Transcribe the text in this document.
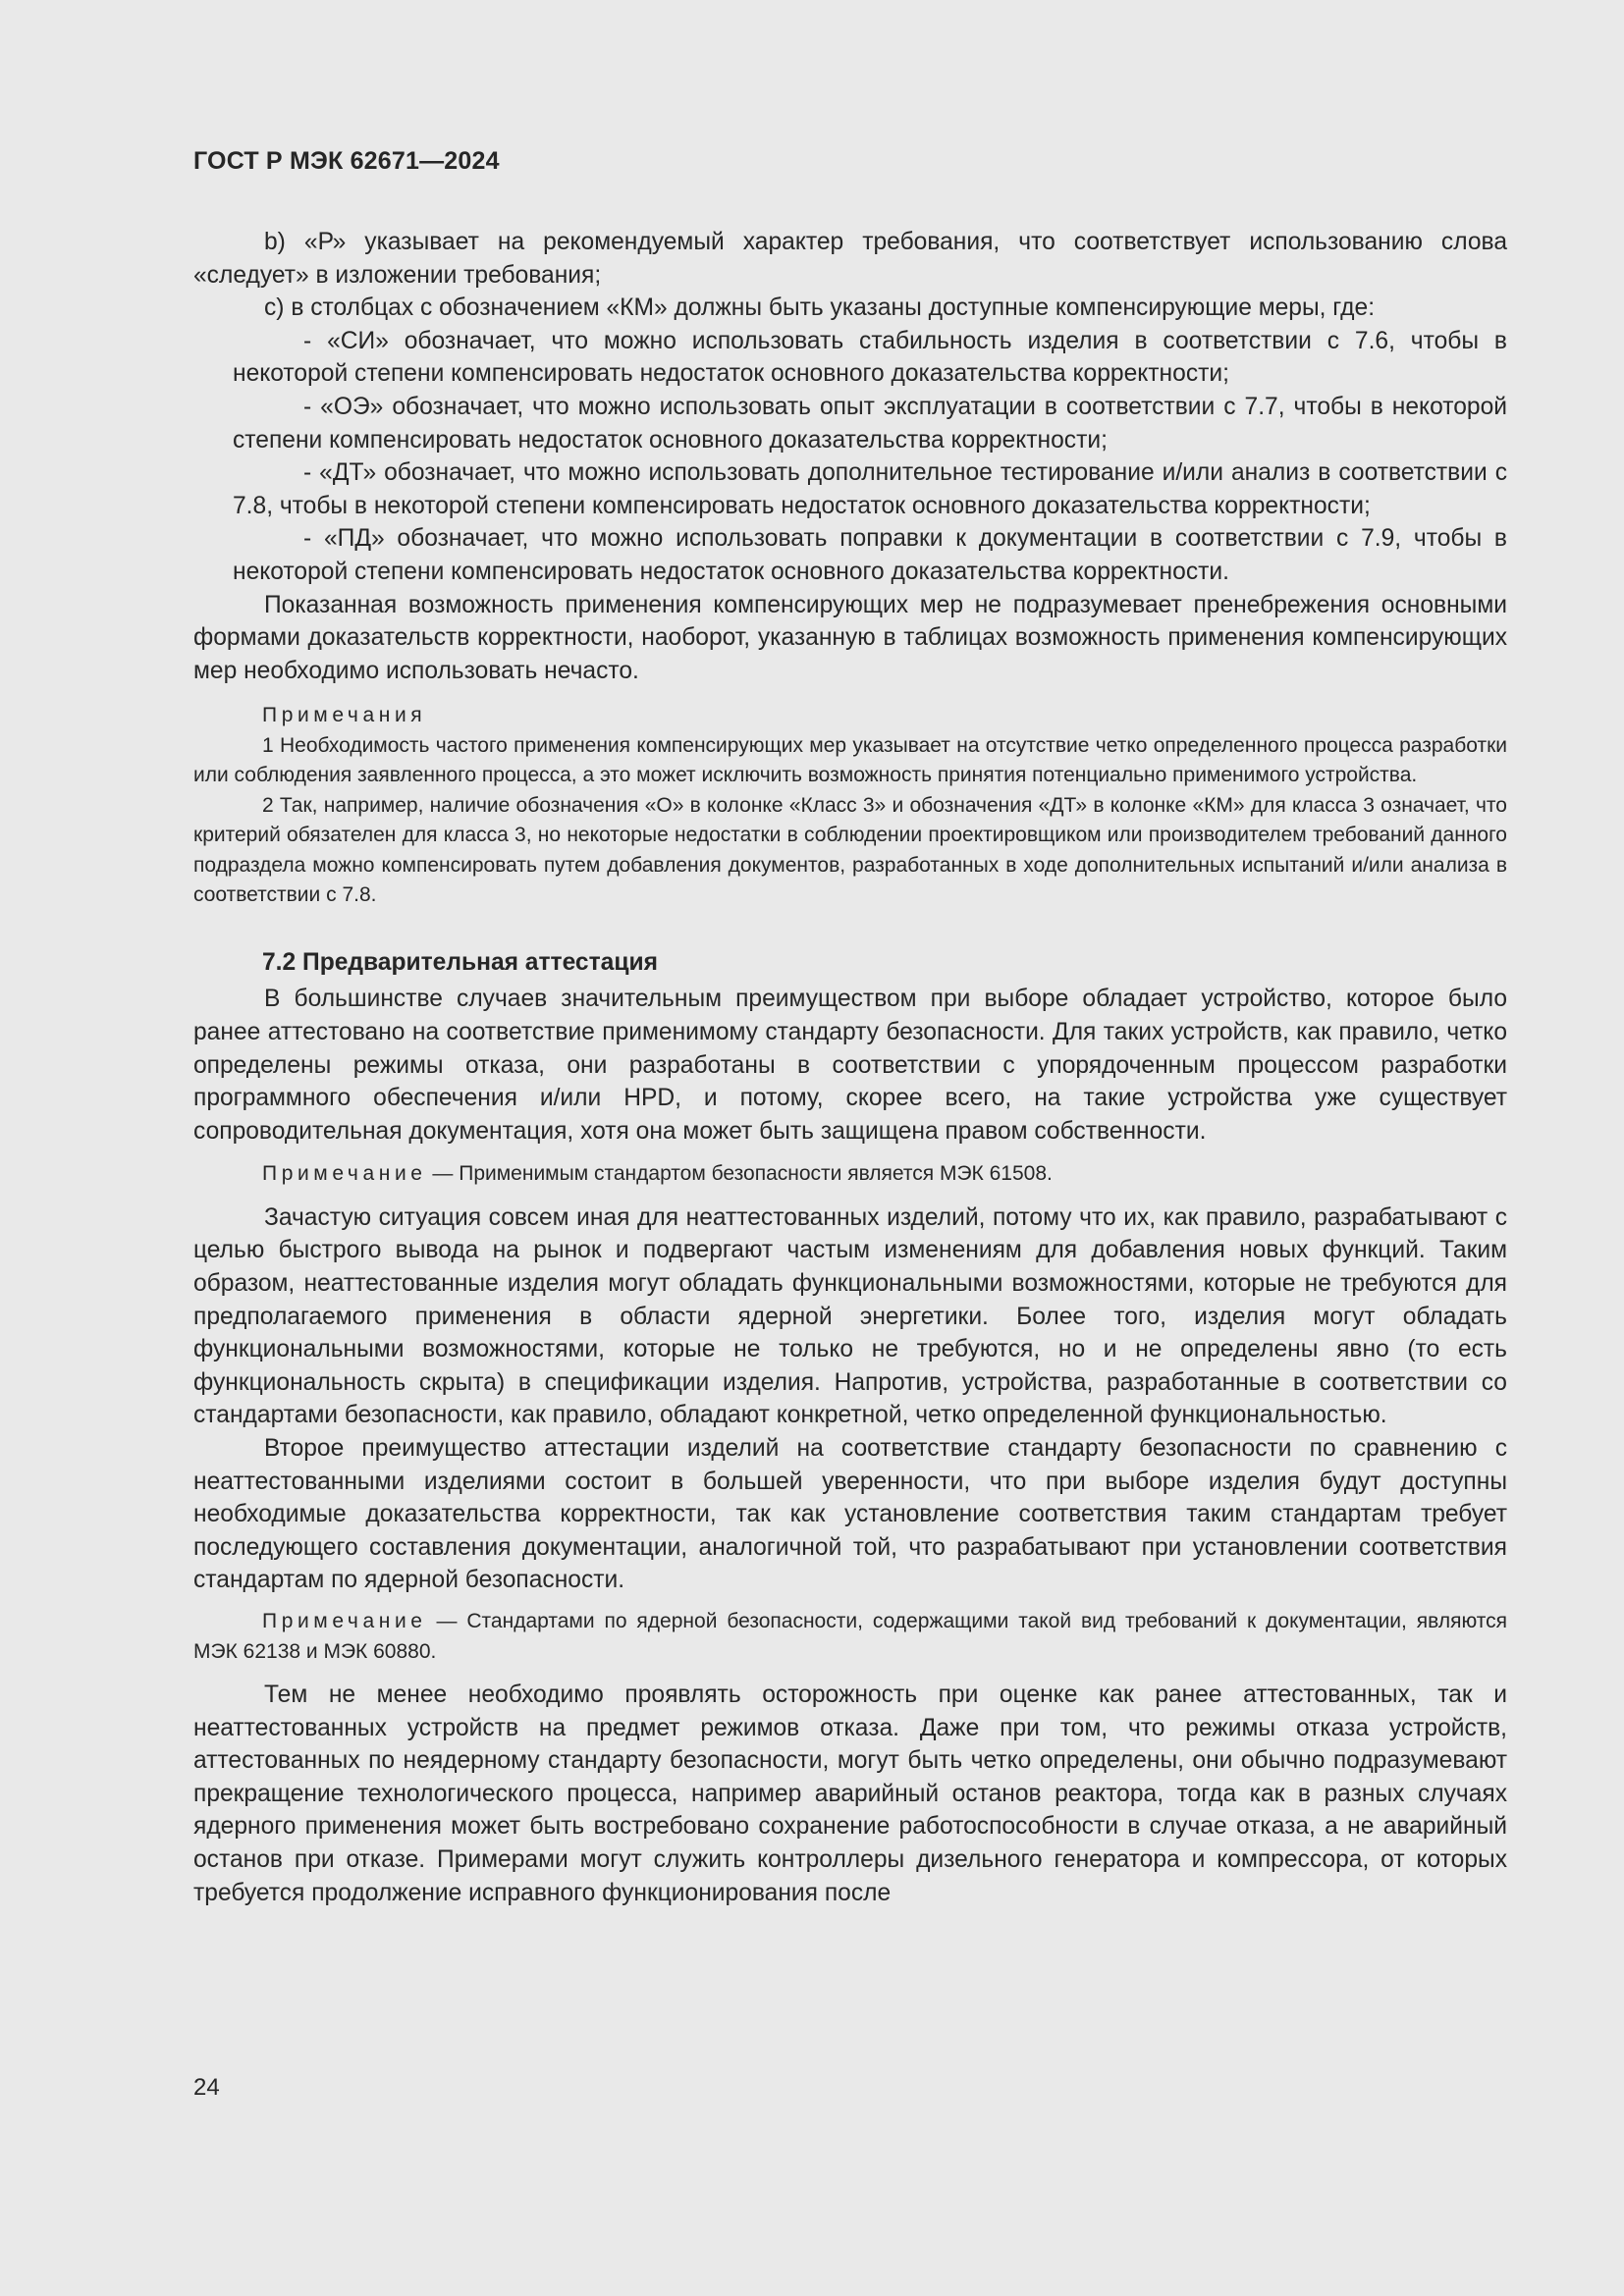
ГОСТ Р МЭК 62671—2024

b) «Р» указывает на рекомендуемый характер требования, что соответствует использованию слова «следует» в изложении требования;

c) в столбцах с обозначением «КМ» должны быть указаны доступные компенсирующие меры, где:

- «СИ» обозначает, что можно использовать стабильность изделия в соответствии с 7.6, чтобы в некоторой степени компенсировать недостаток основного доказательства корректности;

- «ОЭ» обозначает, что можно использовать опыт эксплуатации в соответствии с 7.7, чтобы в некоторой степени компенсировать недостаток основного доказательства корректности;

- «ДТ» обозначает, что можно использовать дополнительное тестирование и/или анализ в соответствии с 7.8, чтобы в некоторой степени компенсировать недостаток основного доказательства корректности;

- «ПД» обозначает, что можно использовать поправки к документации в соответствии с 7.9, чтобы в некоторой степени компенсировать недостаток основного доказательства корректности.

Показанная возможность применения компенсирующих мер не подразумевает пренебрежения основными формами доказательств корректности, наоборот, указанную в таблицах возможность применения компенсирующих мер необходимо использовать нечасто.

Примечания

1 Необходимость частого применения компенсирующих мер указывает на отсутствие четко определенного процесса разработки или соблюдения заявленного процесса, а это может исключить возможность принятия потенциально применимого устройства.

2 Так, например, наличие обозначения «О» в колонке «Класс 3» и обозначения «ДТ» в колонке «КМ» для класса 3 означает, что критерий обязателен для класса 3, но некоторые недостатки в соблюдении проектировщиком или производителем требований данного подраздела можно компенсировать путем добавления документов, разработанных в ходе дополнительных испытаний и/или анализа в соответствии с 7.8.

7.2 Предварительная аттестация

В большинстве случаев значительным преимуществом при выборе обладает устройство, которое было ранее аттестовано на соответствие применимому стандарту безопасности. Для таких устройств, как правило, четко определены режимы отказа, они разработаны в соответствии с упорядоченным процессом разработки программного обеспечения и/или HPD, и потому, скорее всего, на такие устройства уже существует сопроводительная документация, хотя она может быть защищена правом собственности.

Примечание — Применимым стандартом безопасности является МЭК 61508.

Зачастую ситуация совсем иная для неаттестованных изделий, потому что их, как правило, разрабатывают с целью быстрого вывода на рынок и подвергают частым изменениям для добавления новых функций. Таким образом, неаттестованные изделия могут обладать функциональными возможностями, которые не требуются для предполагаемого применения в области ядерной энергетики. Более того, изделия могут обладать функциональными возможностями, которые не только не требуются, но и не определены явно (то есть функциональность скрыта) в спецификации изделия. Напротив, устройства, разработанные в соответствии со стандартами безопасности, как правило, обладают конкретной, четко определенной функциональностью.

Второе преимущество аттестации изделий на соответствие стандарту безопасности по сравнению с неаттестованными изделиями состоит в большей уверенности, что при выборе изделия будут доступны необходимые доказательства корректности, так как установление соответствия таким стандартам требует последующего составления документации, аналогичной той, что разрабатывают при установлении соответствия стандартам по ядерной безопасности.

Примечание — Стандартами по ядерной безопасности, содержащими такой вид требований к документации, являются МЭК 62138 и МЭК 60880.

Тем не менее необходимо проявлять осторожность при оценке как ранее аттестованных, так и неаттестованных устройств на предмет режимов отказа. Даже при том, что режимы отказа устройств, аттестованных по неядерному стандарту безопасности, могут быть четко определены, они обычно подразумевают прекращение технологического процесса, например аварийный останов реактора, тогда как в разных случаях ядерного применения может быть востребовано сохранение работоспособности в случае отказа, а не аварийный останов при отказе. Примерами могут служить контроллеры дизельного генератора и компрессора, от которых требуется продолжение исправного функционирования после

24
